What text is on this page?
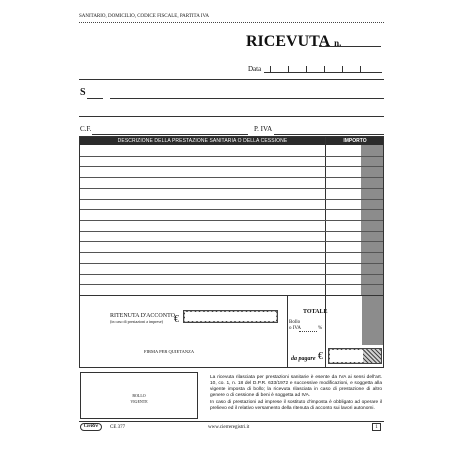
SANITARIO, DOMICILIO, CODICE FISCALE, PARTITA IVA
RICEVUTA n.
Data
S
C.F.	P. IVA
DESCRIZIONE DELLA PRESTAZIONE SANITARIA O DELLA CESSIONE	IMPORTO
RITENUTA D'ACCONTO
(in caso di prestazioni a imprese) €
TOTALE
Bollo
o IVA	%
da pagare €
FIRMA PER QUIETANZA
BOLLO
VIGENTE
La ricevuta rilasciata per prestazioni sanitarie è esente da IVA ai sensi dell'art. 10, co. 1, n. 18 del D.P.R. 633/1972 e successive modificazioni, e soggetta alla vigente imposta di bollo; la ricevuta rilasciata in caso di prestazione di altro genere o di cessione di beni è soggetta ad IVA.
In caso di prestazioni ad imprese il sostituto d'imposta è obbligato ad operare il prelievo ed il relativo versamento della ritenuta di acconto sui lavori autonomi.
CieRre	CE 377	www.cierreregistri.it	1
